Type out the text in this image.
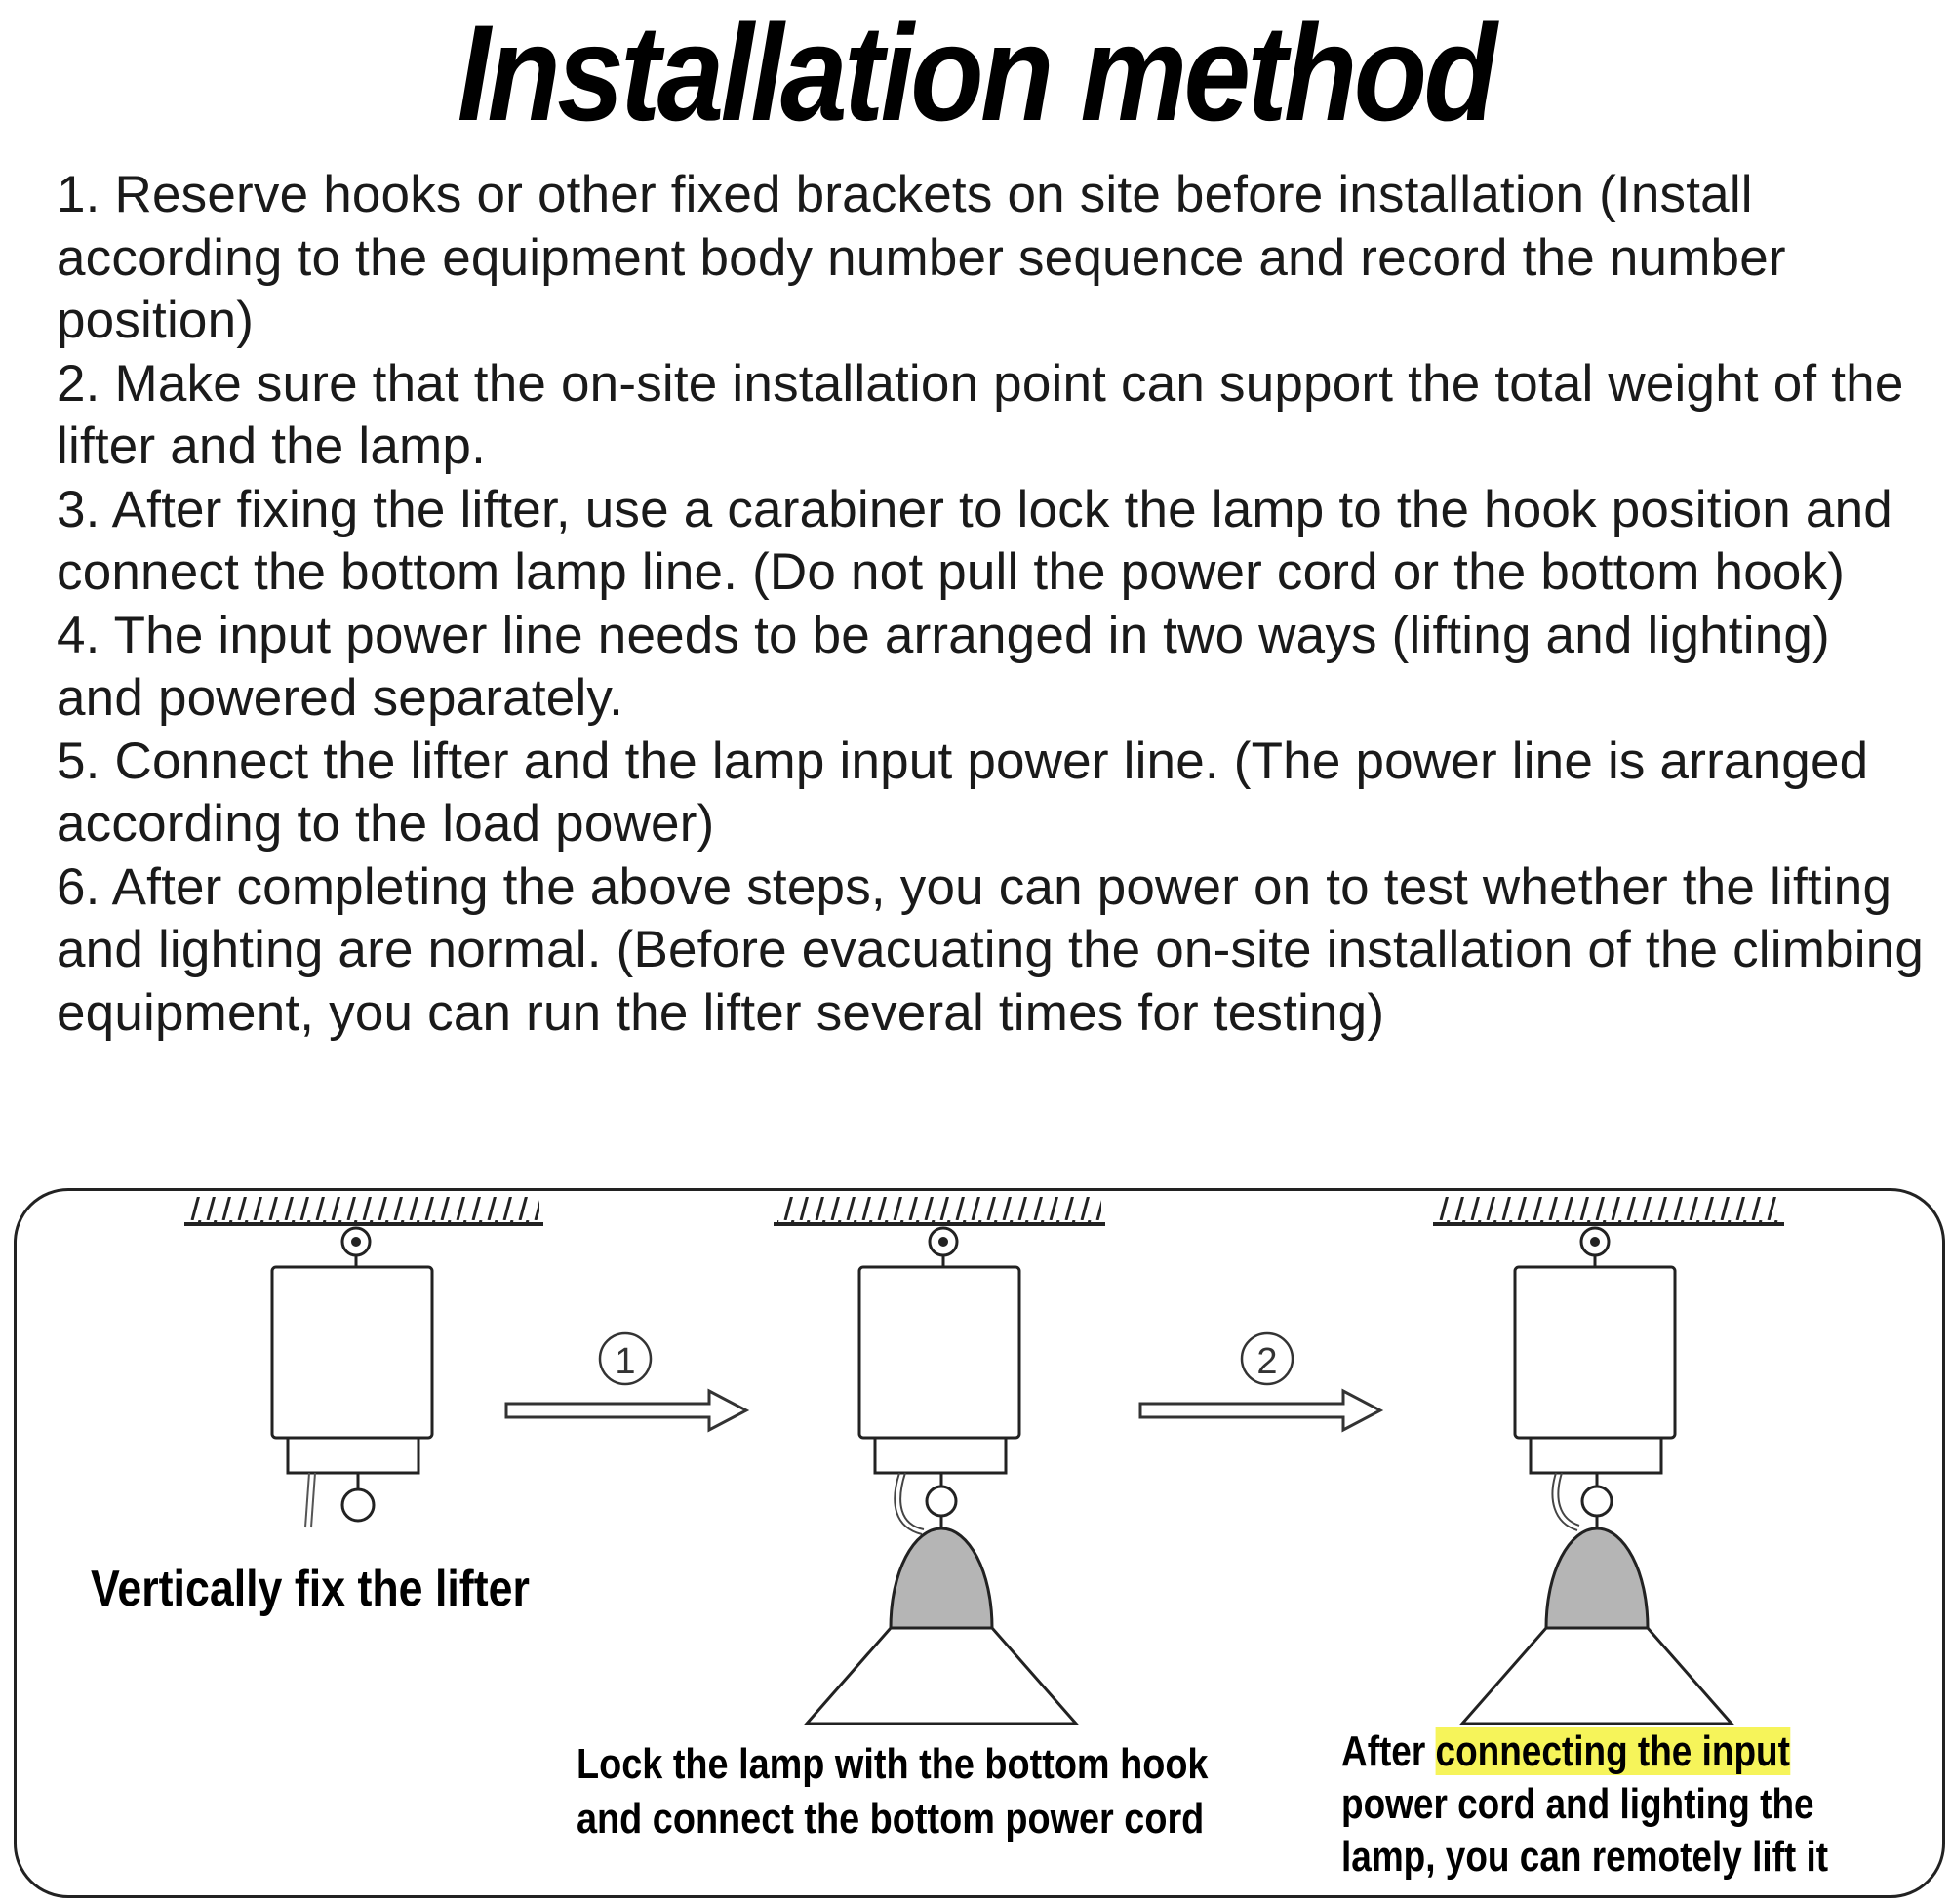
Installation method

1. Reserve hooks or other fixed brackets on site before installation (Install according to the equipment body number sequence and record the number position)

2. Make sure that the on-site installation point can support the total weight of the lifter and the lamp.

3. After fixing the lifter, use a carabiner to lock the lamp to the hook position and connect the bottom lamp line. (Do not pull the power cord or the bottom hook)

4. The input power line needs to be arranged in two ways (lifting and lighting) and powered separately.

5. Connect the lifter and the lamp input power line. (The power line is arranged according to the load power)

6. After completing the above steps, you can power on to test whether the lifting and lighting are normal. (Before evacuating the on-site installation of the climbing equipment, you can run the lifter several times for testing)

1	2
Vertically fix the lifter
Lock the lamp with the bottom hook
and connect the bottom power cord
After connecting the input
power cord and lighting the
lamp, you can remotely lift it
